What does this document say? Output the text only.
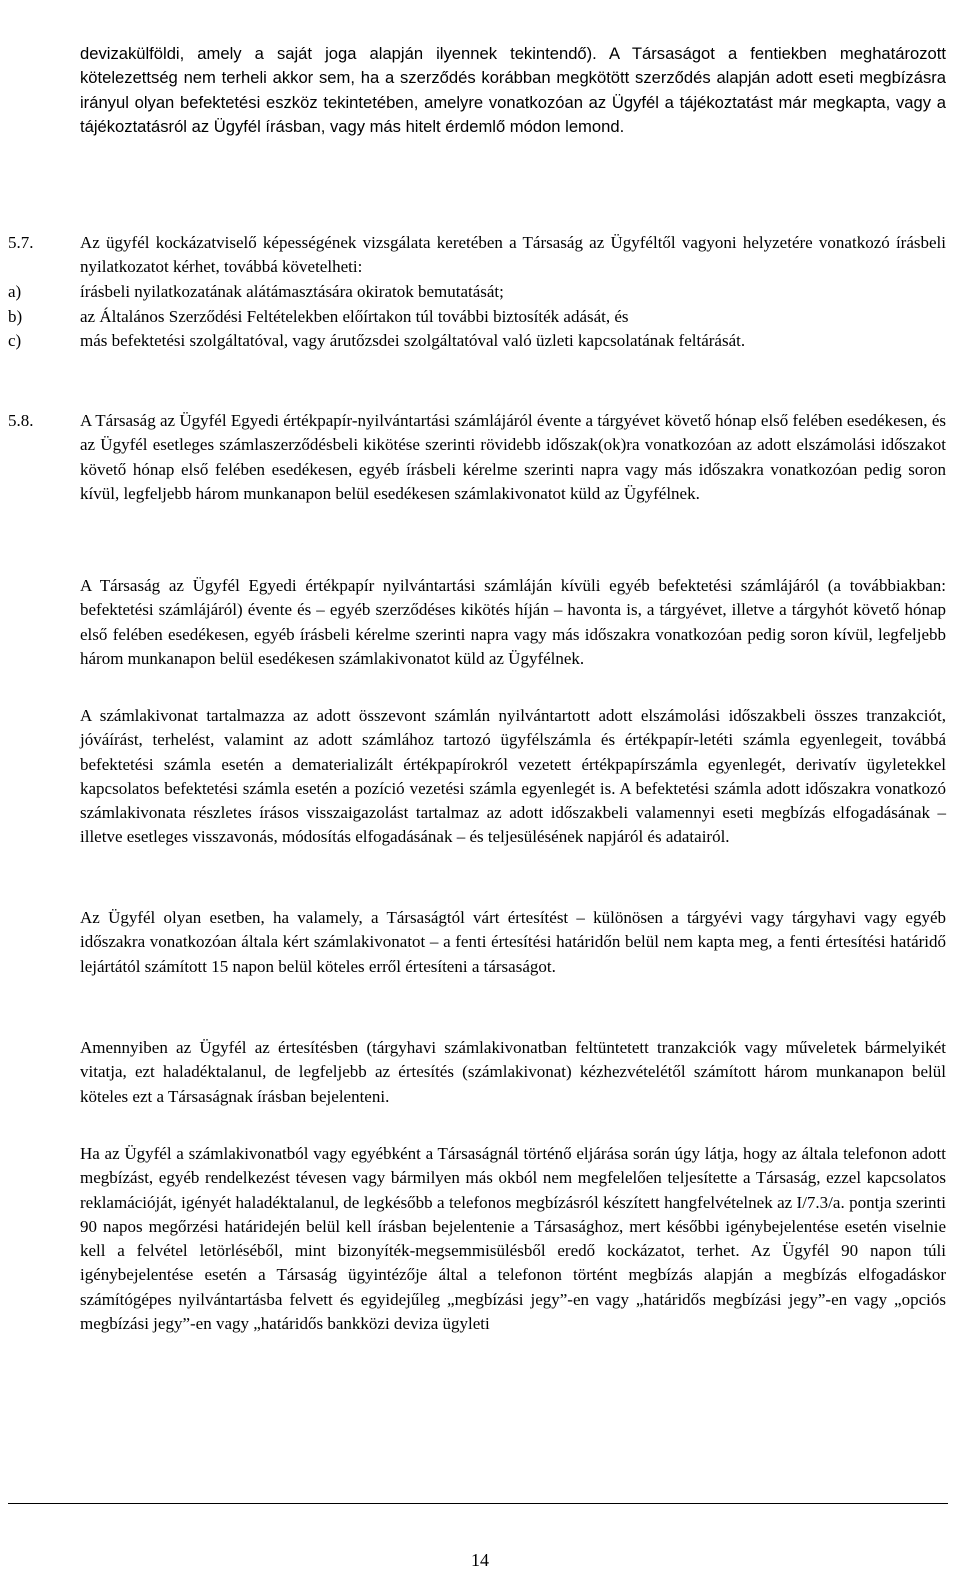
devizakülföldi, amely a saját joga alapján ilyennek tekintendő). A Társaságot a fentiekben meghatározott kötelezettség nem terheli akkor sem, ha a szerződés korábban megkötött szerződés alapján adott eseti megbízásra irányul olyan befektetési eszköz tekintetében, amelyre vonatkozóan az Ügyfél a tájékoztatást már megkapta, vagy a tájékoztatásról az Ügyfél írásban, vagy más hitelt érdemlő módon lemond.

5.7.	Az ügyfél kockázatviselő képességének vizsgálata keretében a Társaság az Ügyféltől vagyoni helyzetére vonatkozó írásbeli nyilatkozatot kérhet, továbbá követelheti:

a)	írásbeli nyilatkozatának alátámasztására okiratok bemutatását;

b)	az Általános Szerződési Feltételekben előírtakon túl további biztosíték adását, és

c)	más befektetési szolgáltatóval, vagy árutőzsdei szolgáltatóval való üzleti kapcsolatának feltárását.

5.8.	A Társaság az Ügyfél Egyedi értékpapír-nyilvántartási számlájáról évente a tárgyévet követő hónap első felében esedékesen, és az Ügyfél esetleges számlaszerződésbeli kikötése szerinti rövidebb időszak(ok)ra vonatkozóan az adott elszámolási időszakot követő hónap első felében esedékesen, egyéb írásbeli kérelme szerinti napra vagy más időszakra vonatkozóan pedig soron kívül, legfeljebb három munkanapon belül esedékesen számlakivonatot küld az Ügyfélnek.

A Társaság az Ügyfél Egyedi értékpapír nyilvántartási számláján kívüli egyéb befektetési számlájáról (a továbbiakban: befektetési számlájáról) évente és – egyéb szerződéses kikötés híján – havonta is, a tárgyévet, illetve a tárgyhót követő hónap első felében esedékesen, egyéb írásbeli kérelme szerinti napra vagy más időszakra vonatkozóan pedig soron kívül, legfeljebb három munkanapon belül esedékesen számlakivonatot küld az Ügyfélnek.

A számlakivonat tartalmazza az adott összevont számlán nyilvántartott adott elszámolási időszakbeli összes tranzakciót, jóváírást, terhelést, valamint az adott számlához tartozó ügyfélszámla és értékpapír-letéti számla egyenlegeit, továbbá befektetési számla esetén a dematerializált értékpapírokról vezetett értékpapírszámla egyenlegét, derivatív ügyletekkel kapcsolatos befektetési számla esetén a pozíció vezetési számla egyenlegét is. A befektetési számla adott időszakra vonatkozó számlakivonata részletes írásos visszaigazolást tartalmaz az adott időszakbeli valamennyi eseti megbízás elfogadásának – illetve esetleges visszavonás, módosítás elfogadásának – és teljesülésének napjáról és adatairól.

Az Ügyfél olyan esetben, ha valamely, a Társaságtól várt értesítést – különösen a tárgyévi vagy tárgyhavi vagy egyéb időszakra vonatkozóan általa kért számlakivonatot – a fenti értesítési határidőn belül nem kapta meg, a fenti értesítési határidő lejártától számított 15 napon belül köteles erről értesíteni a társaságot.

Amennyiben az Ügyfél az értesítésben (tárgyhavi számlakivonatban feltüntetett tranzakciók vagy műveletek bármelyikét vitatja, ezt haladéktalanul, de legfeljebb az értesítés (számlakivonat) kézhezvételétől számított három munkanapon belül köteles ezt a Társaságnak írásban bejelenteni.

Ha az Ügyfél a számlakivonatból vagy egyébként a Társaságnál történő eljárása során úgy látja, hogy az általa telefonon adott megbízást, egyéb rendelkezést tévesen vagy bármilyen más okból nem megfelelően teljesítette a Társaság, ezzel kapcsolatos reklamációját, igényét haladéktalanul, de legkésőbb a telefonos megbízásról készített hangfelvételnek az I/7.3/a. pontja szerinti 90 napos megőrzési határidején belül kell írásban bejelentenie a Társasághoz, mert későbbi igénybejelentése esetén viselnie kell a felvétel letörléséből, mint bizonyíték-megsemmisülésből eredő kockázatot, terhet. Az Ügyfél 90 napon túli igénybejelentése esetén a Társaság ügyintézője által a telefonon történt megbízás alapján a megbízás elfogadáskor számítógépes nyilvántartásba felvett és egyidejűleg „megbízási jegy”-en vagy „határidős megbízási jegy”-en vagy „opciós megbízási jegy”-en vagy „határidős bankközi deviza ügyleti

14
